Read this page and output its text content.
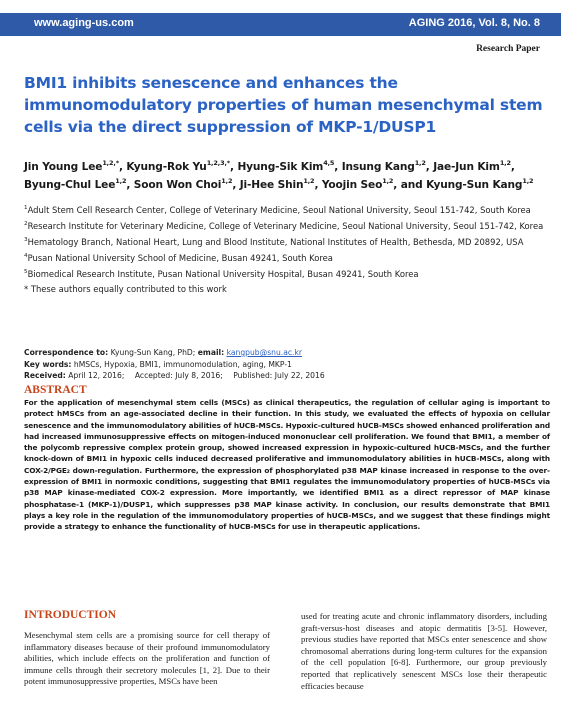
www.aging-us.com	AGING 2016, Vol. 8, No. 8
Research Paper
BMI1 inhibits senescence and enhances the immunomodulatory properties of human mesenchymal stem cells via the direct suppression of MKP-1/DUSP1
Jin Young Lee$^{1,2,*}$, Kyung-Rok $Yu^{1,2,3,*}$, Hyung-Sik Kim$^{4,5}$, Insung Kang$^{1,2}$, Jae-Jun Kim$^{1,2}$, Byung-Chul Lee$^{1,2}$, Soon Won Choi$^{1,2}$, Ji-Hee Shin$^{1,2}$, Yoojin Seo$^{1,2}$, and Kyung-Sun Kang$^{1,2}$
$^1$Adult Stem Cell Research Center, College of Veterinary Medicine, Seoul National University, Seoul 151-742, South Korea
$^2$Research Institute for Veterinary Medicine, College of Veterinary Medicine, Seoul National University, Seoul 151-742, Korea
$^3$Hematology Branch, National Heart, Lung and Blood Institute, National Institutes of Health, Bethesda, MD 20892, USA
$^4$Pusan National University School of Medicine, Busan 49241, South Korea
$^5$Biomedical Research Institute, Pusan National University Hospital, Busan 49241, South Korea
* These authors equally contributed to this work
Correspondence to: Kyung-Sun Kang, PhD; email: kangpub@snu.ac.kr
Key words: hMSCs, Hypoxia, BMI1, immunomodulation, aging, MKP-1
Received: April 12, 2016; Accepted: July 8, 2016; Published: July 22, 2016
ABSTRACT

For the application of mesenchymal stem cells (MSCs) as clinical therapeutics, the regulation of cellular aging is important to protect hMSCs from an age-associated decline in their function. In this study, we evaluated the effects of hypoxia on cellular senescence and the immunomodulatory abilities of hUCB-MSCs. Hypoxic-cultured hUCB-MSCs showed enhanced proliferation and had increased immunosuppressive effects on mitogen-induced mononuclear cell proliferation. We found that BMI1, a member of the polycomb repressive complex protein group, showed increased expression in hypoxic-cultured hUCB-MSCs, and the further knock-down of BMI1 in hypoxic cells induced decreased proliferative and immunomodulatory abilities in hUCB-MSCs, along with COX-2/PGE₂ down-regulation. Furthermore, the expression of phosphorylated p38 MAP kinase increased in response to the over-expression of BMI1 in normoxic conditions, suggesting that BMI1 regulates the immunomodulatory properties of hUCB-MSCs via p38 MAP kinase-mediated COX-2 expression. More importantly, we identified BMI1 as a direct repressor of MAP kinase phosphatase-1 (MKP-1)/DUSP1, which suppresses p38 MAP kinase activity. In conclusion, our results demonstrate that BMI1 plays a key role in the regulation of the immunomodulatory properties of hUCB-MSCs, and we suggest that these findings might provide a strategy to enhance the functionality of hUCB-MSCs for use in therapeutic applications.

INTRODUCTION

Mesenchymal stem cells are a promising source for cell therapy of inflammatory diseases because of their profound immunomodulatory abilities, which include effects on the proliferation and function of immune cells through their secretory molecules [1, 2]. Due to their potent immunosuppressive properties, MSCs have been

used for treating acute and chronic inflammatory disorders, including graft-versus-host diseases and atopic dermatitis [3-5]. However, previous studies have reported that MSCs enter senescence and show chromosomal aberrations during long-term cultures for the expansion of the cell population [6-8]. Furthermore, our group previously reported that replicatively senescent MSCs lose their therapeutic efficacies because
